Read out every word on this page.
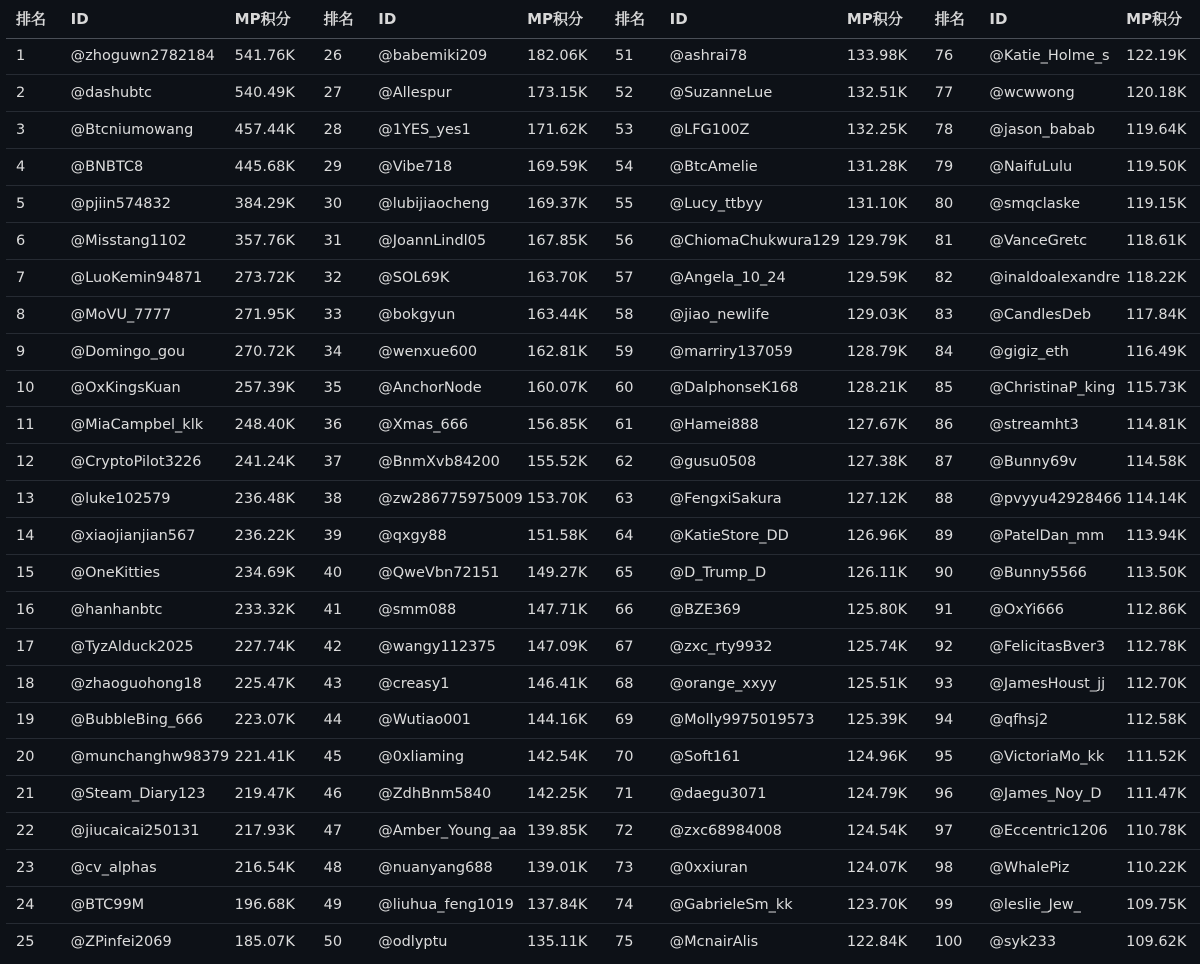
排名	ID	MP积分	排名	ID	MP积分	排名	ID	MP积分	排名	ID	MP积分
1	@zhoguwn2782184	541.76K	26	@babemiki209	182.06K	51	@ashrai78	133.98K	76	@Katie_Holme_s	122.19K
2	@dashubtc	540.49K	27	@Allespur	173.15K	52	@SuzanneLue	132.51K	77	@wcwwong	120.18K
3	@Btcniumowang	457.44K	28	@1YES_yes1	171.62K	53	@LFG100Z	132.25K	78	@jason_babab	119.64K
4	@BNBTC8	445.68K	29	@Vibe718	169.59K	54	@BtcAmelie	131.28K	79	@NaifuLulu	119.50K
5	@pjiin574832	384.29K	30	@lubijiaocheng	169.37K	55	@Lucy_ttbyy	131.10K	80	@smqclaske	119.15K
6	@Misstang1102	357.76K	31	@JoannLindl05	167.85K	56	@ChiomaChukwura129	129.79K	81	@VanceGretc	118.61K
7	@LuoKemin94871	273.72K	32	@SOL69K	163.70K	57	@Angela_10_24	129.59K	82	@inaldoalexandre	118.22K
8	@MoVU_7777	271.95K	33	@bokgyun	163.44K	58	@jiao_newlife	129.03K	83	@CandlesDeb	117.84K
9	@Domingo_gou	270.72K	34	@wenxue600	162.81K	59	@marriry137059	128.79K	84	@gigiz_eth	116.49K
10	@OxKingsKuan	257.39K	35	@AnchorNode	160.07K	60	@DalphonseK168	128.21K	85	@ChristinaP_king	115.73K
11	@MiaCampbel_klk	248.40K	36	@Xmas_666	156.85K	61	@Hamei888	127.67K	86	@streamht3	114.81K
12	@CryptoPilot3226	241.24K	37	@BnmXvb84200	155.52K	62	@gusu0508	127.38K	87	@Bunny69v	114.58K
13	@luke102579	236.48K	38	@zw286775975009	153.70K	63	@FengxiSakura	127.12K	88	@pvyyu42928466	114.14K
14	@xiaojianjian567	236.22K	39	@qxgy88	151.58K	64	@KatieStore_DD	126.96K	89	@PatelDan_mm	113.94K
15	@OneKitties	234.69K	40	@QweVbn72151	149.27K	65	@D_Trump_D	126.11K	90	@Bunny5566	113.50K
16	@hanhanbtc	233.32K	41	@smm088	147.71K	66	@BZE369	125.80K	91	@OxYi666	112.86K
17	@TyzAlduck2025	227.74K	42	@wangy112375	147.09K	67	@zxc_rty9932	125.74K	92	@FelicitasBver3	112.78K
18	@zhaoguohong18	225.47K	43	@creasy1	146.41K	68	@orange_xxyy	125.51K	93	@JamesHoust_jj	112.70K
19	@BubbleBing_666	223.07K	44	@Wutiao001	144.16K	69	@Molly9975019573	125.39K	94	@qfhsj2	112.58K
20	@munchanghw98379	221.41K	45	@0xliaming	142.54K	70	@Soft161	124.96K	95	@VictoriaMo_kk	111.52K
21	@Steam_Diary123	219.47K	46	@ZdhBnm5840	142.25K	71	@daegu3071	124.79K	96	@James_Noy_D	111.47K
22	@jiucaicai250131	217.93K	47	@Amber_Young_aa	139.85K	72	@zxc68984008	124.54K	97	@Eccentric1206	110.78K
23	@cv_alphas	216.54K	48	@nuanyang688	139.01K	73	@0xxiuran	124.07K	98	@WhalePiz	110.22K
24	@BTC99M	196.68K	49	@liuhua_feng1019	137.84K	74	@GabrieleSm_kk	123.70K	99	@leslie_Jew_	109.75K
25	@ZPinfei2069	185.07K	50	@odlyptu	135.11K	75	@McnairAlis	122.84K	100	@syk233	109.62K
